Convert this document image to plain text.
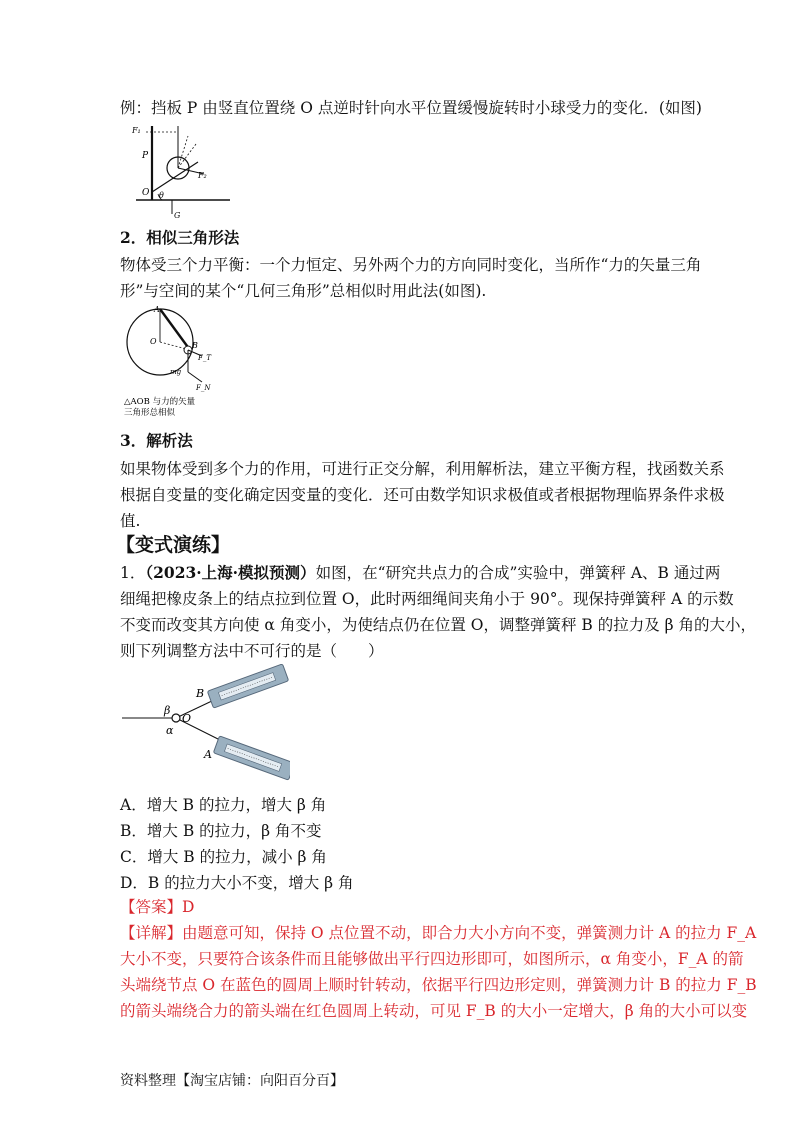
例：挡板 P 由竖直位置绕 O 点逆时针向水平位置缓慢旋转时小球受力的变化．(如图)
F₁
F₂
P
O θ
G
2．相似三角形法
物体受三个力平衡：一个力恒定、另外两个力的方向同时变化，当所作“力的矢量三角
形”与空间的某个“几何三角形”总相似时用此法(如图).
A
O	B
F_T
mg
F_N
△AOB 与力的矢量
三角形总相似
3．解析法
如果物体受到多个力的作用，可进行正交分解，利用解析法，建立平衡方程，找函数关系
根据自变量的变化确定因变量的变化．还可由数学知识求极值或者根据物理临界条件求极
值.
【变式演练】
1．（2023·上海·模拟预测）如图，在“研究共点力的合成”实验中，弹簧秤 A、B 通过两
细绳把橡皮条上的结点拉到位置 O，此时两细绳间夹角小于 90°。现保持弹簧秤 A 的示数
不变而改变其方向使 α 角变小，为使结点仍在位置 O，调整弹簧秤 B 的拉力及 β 角的大小，
则下列调整方法中不可行的是（　　）
B
β
O
α
A
A．增大 B 的拉力，增大 β 角
B．增大 B 的拉力，β 角不变
C．增大 B 的拉力，减小 β 角
D．B 的拉力大小不变，增大 β 角
【答案】D
【详解】由题意可知，保持 O 点位置不动，即合力大小方向不变，弹簧测力计 A 的拉力 F_A
大小不变，只要符合该条件而且能够做出平行四边形即可，如图所示，α 角变小，F_A 的箭
头端绕节点 O 在蓝色的圆周上顺时针转动，依据平行四边形定则，弹簧测力计 B 的拉力 F_B
的箭头端绕合力的箭头端在红色圆周上转动，可见 F_B 的大小一定增大，β 角的大小可以变
资料整理【淘宝店铺：向阳百分百】
